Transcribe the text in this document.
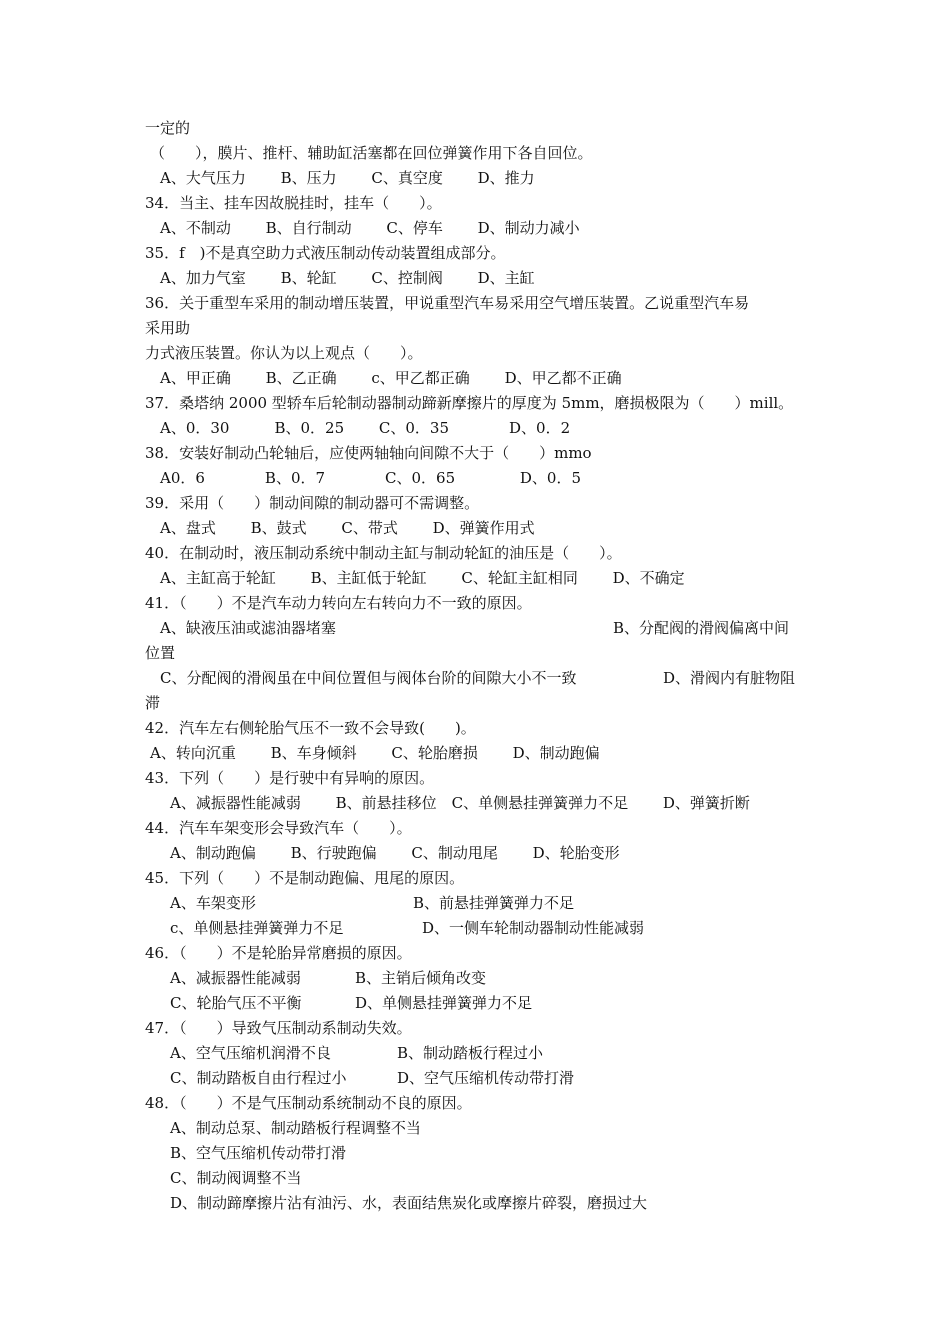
一定的
（　　），膜片、推杆、辅助缸活塞都在回位弹簧作用下各自回位。
A、大气压力　　 B、压力　　 C、真空度　　 D、推力
34．当主、挂车因故脱挂时，挂车（　　）。
A、不制动　　 B、自行制动　　 C、停车　　 D、制动力减小
35．f　)不是真空助力式液压制动传动装置组成部分。
A、加力气室　　 B、轮缸　　 C、控制阀　　 D、主缸
36．关于重型车采用的制动增压装置，甲说重型汽车易采用空气增压装置。乙说重型汽车易
采用助
力式液压装置。你认为以上观点（　　）。
A、甲正确　　 B、乙正确　　 c、甲乙都正确　　 D、甲乙都不正确
37．桑塔纳 2000 型轿车后轮制动器制动蹄新摩擦片的厚度为 5mm，磨损极限为（　　）mill。
A、0．30　　　B、0．25　　 C、0．35　　　　D、0．2
38．安装好制动凸轮轴后，应使两轴轴向间隙不大于（　　）mmo
A0．6　　　　B、0．7　　　　C、0．65　　　　 D、0．5
39．采用（　　）制动间隙的制动器可不需调整。
A、盘式　　 B、鼓式　　 C、带式　　 D、弹簧作用式
40．在制动时，液压制动系统中制动主缸与制动轮缸的油压是（　　）。
A、主缸高于轮缸　　 B、主缸低于轮缸　　 C、轮缸主缸相同　　 D、不确定
41．（　　）不是汽车动力转向左右转向力不一致的原因。
A、缺液压油或滤油器堵塞	B、分配阀的滑阀偏离中间
位置
C、分配阀的滑阀虽在中间位置但与阀体台阶的间隙大小不一致	D、滑阀内有脏物阻
滞
42．汽车左右侧轮胎气压不一致不会导致(　　)。
A、转向沉重　　 B、车身倾斜　　 C、轮胎磨损　　 D、制动跑偏
43．下列（　　）是行驶中有异响的原因。
A、减振器性能减弱　　 B、前悬挂移位　C、单侧悬挂弹簧弹力不足　　 D、弹簧折断
44．汽车车架变形会导致汽车（　　）。
A、制动跑偏　　 B、行驶跑偏　　 C、制动甩尾　　 D、轮胎变形
45．下列（　　）不是制动跑偏、甩尾的原因。
A、车架变形	B、前悬挂弹簧弹力不足
c、单侧悬挂弹簧弹力不足	D、一侧车轮制动器制动性能减弱
46．（　　）不是轮胎异常磨损的原因。
A、减振器性能减弱	B、主销后倾角改变
C、轮胎气压不平衡	D、单侧悬挂弹簧弹力不足
47．（　　）导致气压制动系制动失效。
A、空气压缩机润滑不良	B、制动踏板行程过小
C、制动踏板自由行程过小	D、空气压缩机传动带打滑
48．（　　）不是气压制动系统制动不良的原因。
A、制动总泵、制动踏板行程调整不当
B、空气压缩机传动带打滑
C、制动阀调整不当
D、制动蹄摩擦片沾有油污、水，表面结焦炭化或摩擦片碎裂，磨损过大
